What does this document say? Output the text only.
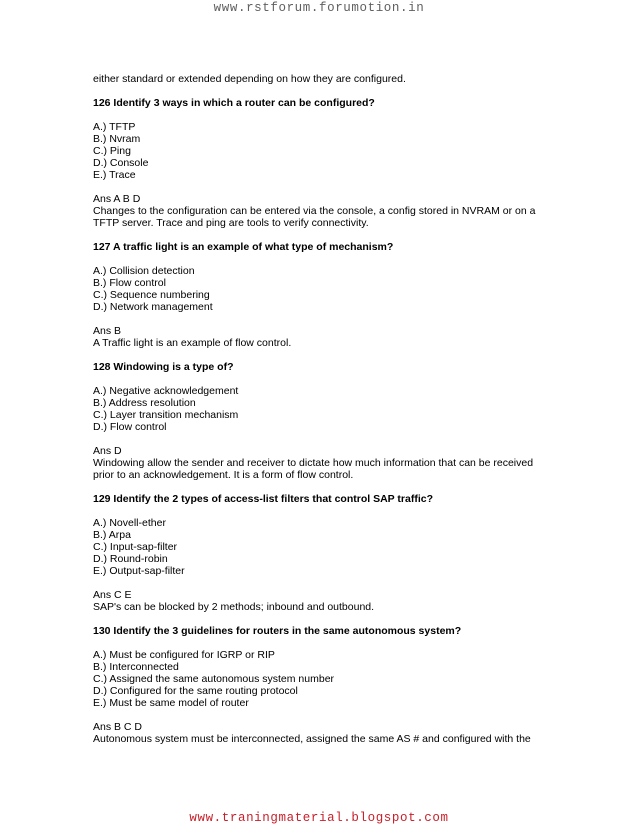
www.rstforum.forumotion.in

either standard or extended depending on how they are configured.

126 Identify 3 ways in which a router can be configured?

A.) TFTP
B.) Nvram
C.) Ping
D.) Console
E.) Trace
Ans A B D
Changes to the configuration can be entered via the console, a config stored in NVRAM or on a TFTP server. Trace and ping are tools to verify connectivity.

127 A traffic light is an example of what type of mechanism?

A.) Collision detection
B.) Flow control
C.) Sequence numbering
D.) Network management
Ans B
A Traffic light is an example of flow control.

128 Windowing is a type of?

A.) Negative acknowledgement
B.) Address resolution
C.) Layer transition mechanism
D.) Flow control
Ans D
Windowing allow the sender and receiver to dictate how much information that can be received prior to an acknowledgement. It is a form of flow control.

129 Identify the 2 types of access-list filters that control SAP traffic?

A.) Novell-ether
B.) Arpa
C.) Input-sap-filter
D.) Round-robin
E.) Output-sap-filter
Ans C E
SAP's can be blocked by 2 methods; inbound and outbound.

130 Identify the 3 guidelines for routers in the same autonomous system?

A.) Must be configured for IGRP or RIP
B.) Interconnected
C.) Assigned the same autonomous system number
D.) Configured for the same routing protocol
E.) Must be same model of router
Ans B C D
Autonomous system must be interconnected, assigned the same AS # and configured with the
www.traningmaterial.blogspot.com
